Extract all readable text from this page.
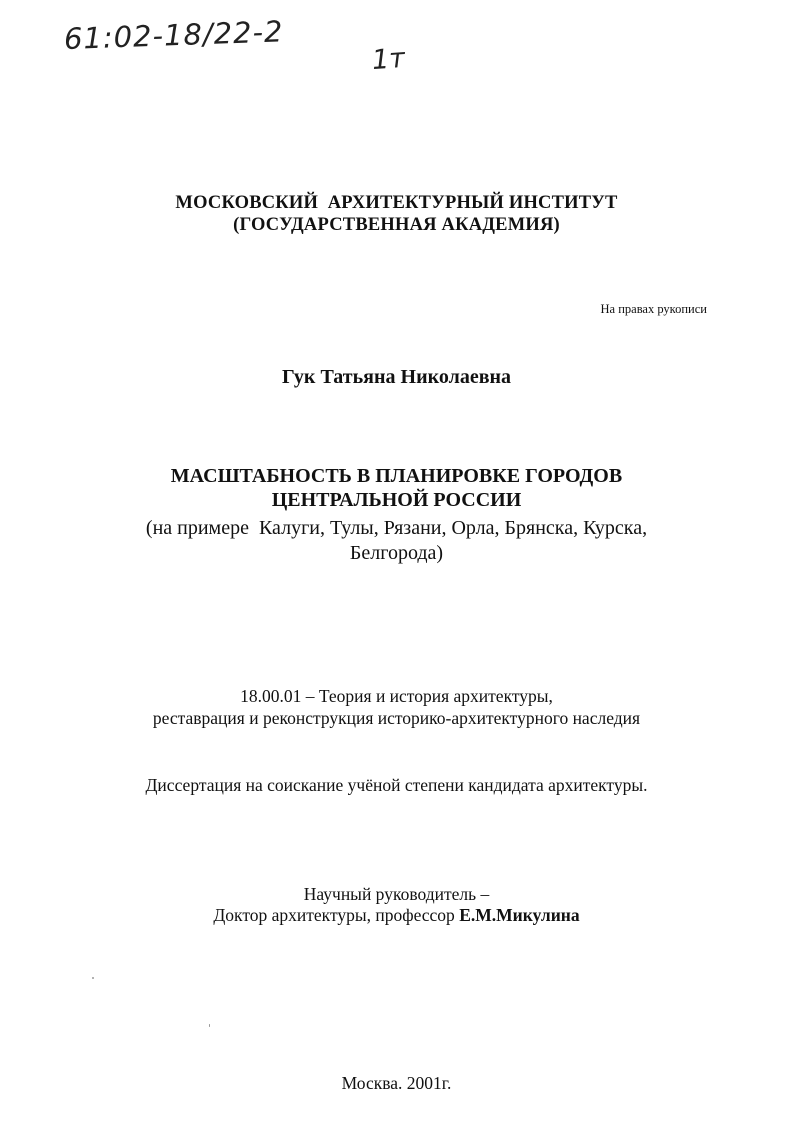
61:02-18/22-2
1т
МОСКОВСКИЙ  АРХИТЕКТУРНЫЙ ИНСТИТУТ
(ГОСУДАРСТВЕННАЯ АКАДЕМИЯ)
На правах рукописи
Гук Татьяна Николаевна
МАСШТАБНОСТЬ В ПЛАНИРОВКЕ ГОРОДОВ
ЦЕНТРАЛЬНОЙ РОССИИ
(на примере  Калуги, Тулы, Рязани, Орла, Брянска, Курска,
Белгорода)
18.00.01 – Теория и история архитектуры,
реставрация и реконструкция историко-архитектурного наследия
Диссертация на соискание учёной степени кандидата архитектуры.
Научный руководитель –
Доктор архитектуры, профессор Е.М.Микулина
Москва. 2001г.
